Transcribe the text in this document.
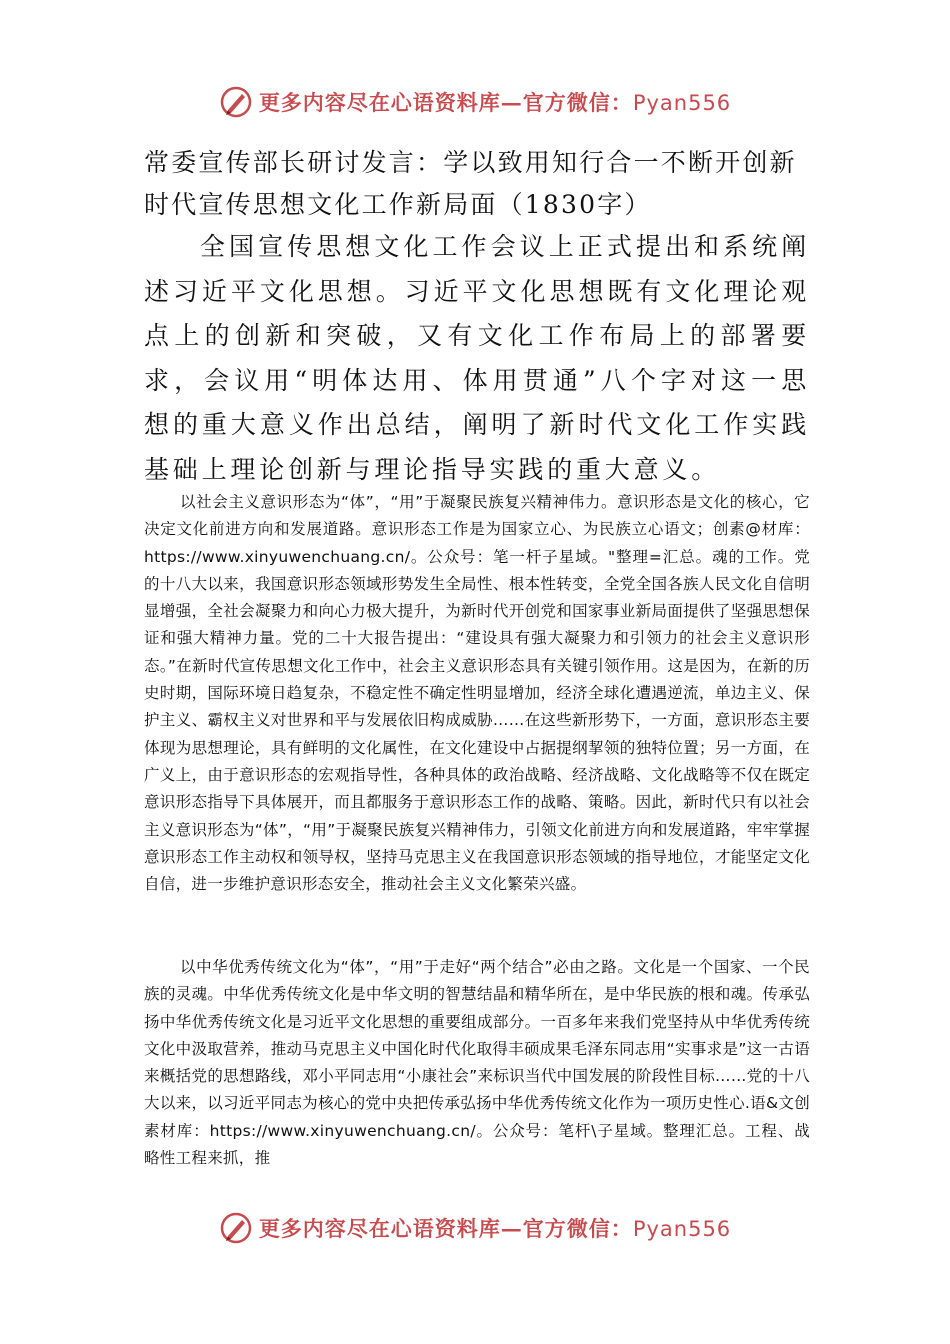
更多内容尽在心语资料库—官方微信：Pyan556
常委宣传部长研讨发言：学以致用知行合一不断开创新时代宣传思想文化工作新局面（1830字）

全国宣传思想文化工作会议上正式提出和系统阐述习近平文化思想。习近平文化思想既有文化理论观点上的创新和突破，又有文化工作布局上的部署要求，会议用“明体达用、体用贯通”八个字对这一思想的重大意义作出总结，阐明了新时代文化工作实践基础上理论创新与理论指导实践的重大意义。

以社会主义意识形态为“体”，“用”于凝聚民族复兴精神伟力。意识形态是文化的核心，它决定文化前进方向和发展道路。意识形态工作是为国家立心、为民族立心语文；创素@材库：https://www.xinyuwenchuang.cn/。公众号：笔一杆子星域。"整理=汇总。魂的工作。党的十八大以来，我国意识形态领域形势发生全局性、根本性转变，全党全国各族人民文化自信明显增强，全社会凝聚力和向心力极大提升，为新时代开创党和国家事业新局面提供了坚强思想保证和强大精神力量。党的二十大报告提出：“建设具有强大凝聚力和引领力的社会主义意识形态。”在新时代宣传思想文化工作中，社会主义意识形态具有关键引领作用。这是因为，在新的历史时期，国际环境日趋复杂，不稳定性不确定性明显增加，经济全球化遭遇逆流，单边主义、保护主义、霸权主义对世界和平与发展依旧构成威胁……在这些新形势下，一方面，意识形态主要体现为思想理论，具有鲜明的文化属性，在文化建设中占据提纲挈领的独特位置；另一方面，在广义上，由于意识形态的宏观指导性，各种具体的政治战略、经济战略、文化战略等不仅在既定意识形态指导下具体展开，而且都服务于意识形态工作的战略、策略。因此，新时代只有以社会主义意识形态为“体”，“用”于凝聚民族复兴精神伟力，引领文化前进方向和发展道路，牢牢掌握意识形态工作主动权和领导权，坚持马克思主义在我国意识形态领域的指导地位，才能坚定文化自信，进一步维护意识形态安全，推动社会主义文化繁荣兴盛。

以中华优秀传统文化为“体”，“用”于走好“两个结合”必由之路。文化是一个国家、一个民族的灵魂。中华优秀传统文化是中华文明的智慧结晶和精华所在，是中华民族的根和魂。传承弘扬中华优秀传统文化是习近平文化思想的重要组成部分。一百多年来我们党坚持从中华优秀传统文化中汲取营养，推动马克思主义中国化时代化取得丰硕成果毛泽东同志用“实事求是”这一古语来概括党的思想路线，邓小平同志用“小康社会”来标识当代中国发展的阶段性目标……党的十八大以来，以习近平同志为核心的党中央把传承弘扬中华优秀传统文化作为一项历史性心.语&文创素材库：https://www.xinyuwenchuang.cn/。公众号：笔杆\子星域。整理汇总。工程、战略性工程来抓，推

更多内容尽在心语资料库—官方微信：Pyan556
